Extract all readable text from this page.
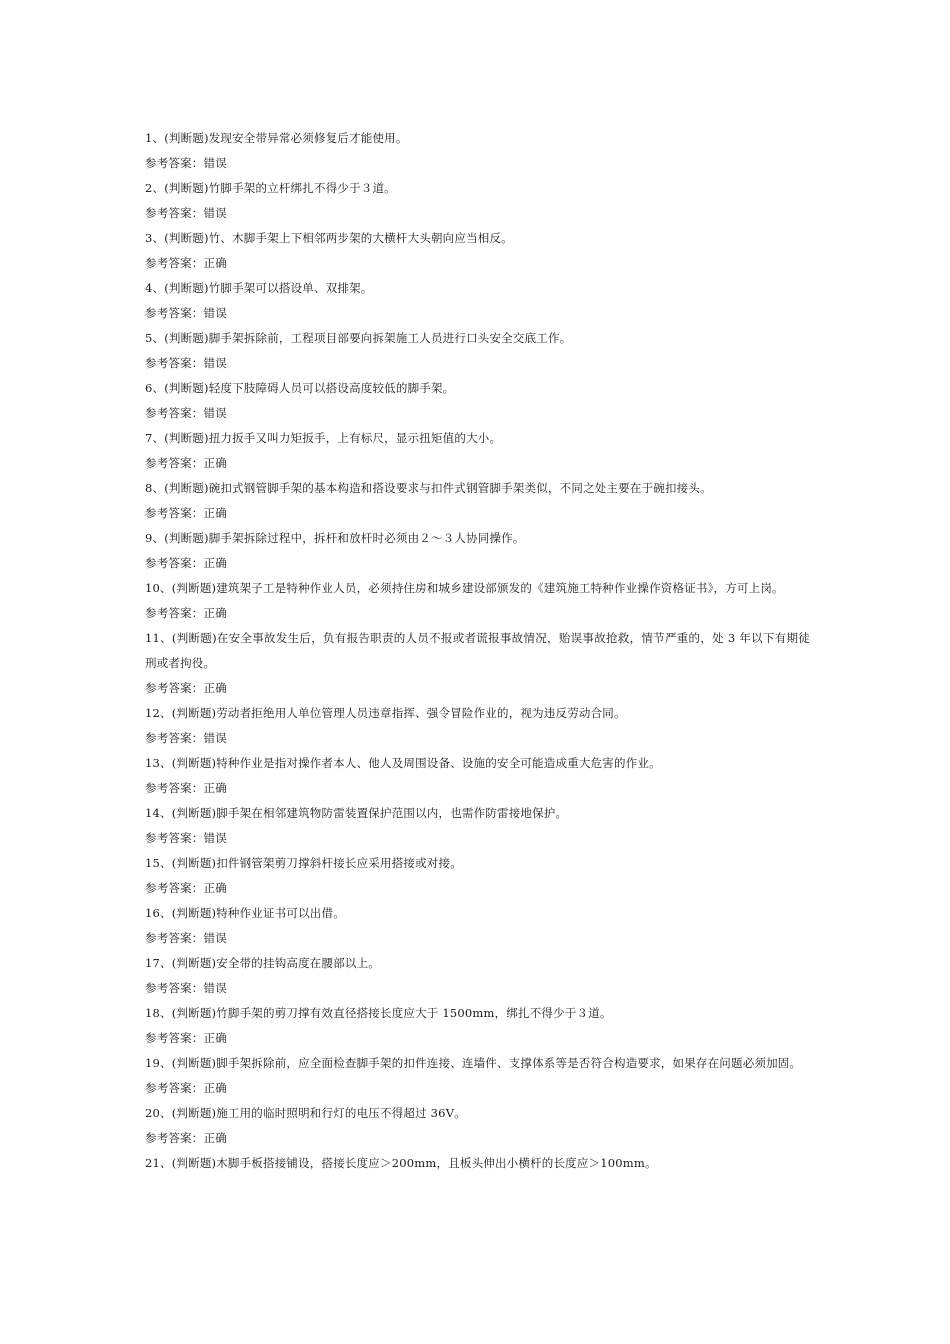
1、(判断题)发现安全带异常必须修复后才能使用。
参考答案：错误
2、(判断题)竹脚手架的立杆绑扎不得少于３道。
参考答案：错误
3、(判断题)竹、木脚手架上下相邻两步架的大横杆大头朝向应当相反。
参考答案：正确
4、(判断题)竹脚手架可以搭设单、双排架。
参考答案：错误
5、(判断题)脚手架拆除前，工程项目部要向拆架施工人员进行口头安全交底工作。
参考答案：错误
6、(判断题)轻度下肢障碍人员可以搭设高度较低的脚手架。
参考答案：错误
7、(判断题)扭力扳手又叫力矩扳手，上有标尺，显示扭矩值的大小。
参考答案：正确
8、(判断题)碗扣式钢管脚手架的基本构造和搭设要求与扣件式钢管脚手架类似，不同之处主要在于碗扣接头。
参考答案：正确
9、(判断题)脚手架拆除过程中，拆杆和放杆时必须由２～３人协同操作。
参考答案：正确
10、(判断题)建筑架子工是特种作业人员，必须持住房和城乡建设部颁发的《建筑施工特种作业操作资格证书》，方可上岗。
参考答案：正确
11、(判断题)在安全事故发生后，负有报告职责的人员不报或者谎报事故情况，贻误事故抢救，情节严重的，处 3 年以下有期徒刑或者拘役。
参考答案：正确
12、(判断题)劳动者拒绝用人单位管理人员违章指挥、强令冒险作业的，视为违反劳动合同。
参考答案：错误
13、(判断题)特种作业是指对操作者本人、他人及周围设备、设施的安全可能造成重大危害的作业。
参考答案：正确
14、(判断题)脚手架在相邻建筑物防雷装置保护范围以内，也需作防雷接地保护。
参考答案：错误
15、(判断题)扣件钢管架剪刀撑斜杆接长应采用搭接或对接。
参考答案：正确
16、(判断题)特种作业证书可以出借。
参考答案：错误
17、(判断题)安全带的挂钩高度在腰部以上。
参考答案：错误
18、(判断题)竹脚手架的剪刀撑有效直径搭接长度应大于 1500mm，绑扎不得少于３道。
参考答案：正确
19、(判断题)脚手架拆除前，应全面检查脚手架的扣件连接、连墙件、支撑体系等是否符合构造要求，如果存在问题必须加固。
参考答案：正确
20、(判断题)施工用的临时照明和行灯的电压不得超过 36V。
参考答案：正确
21、(判断题)木脚手板搭接铺设，搭接长度应＞200mm，且板头伸出小横杆的长度应＞100mm。
